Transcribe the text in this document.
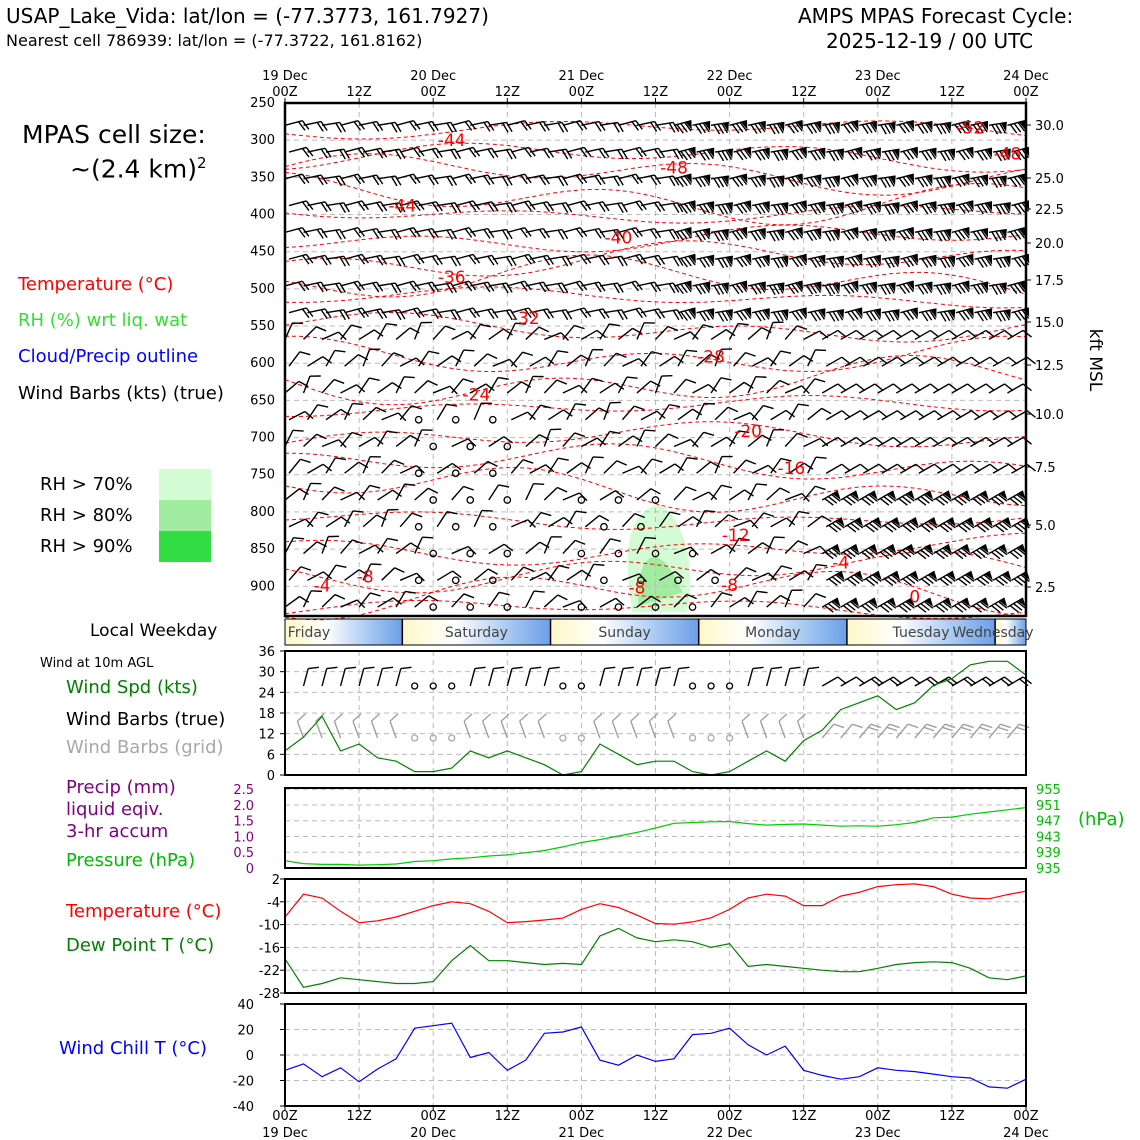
USAP_Lake_Vida: lat/lon = (-77.3773, 161.7927)
Nearest cell 786939: lat/lon = (-77.3722, 161.8162)
AMPS MPAS Forecast Cycle:
2025-12-19 / 00 UTC
MPAS cell size:
~(2.4 km)$^2$
Temperature (°C)
RH (%) wrt liq. wat
Cloud/Precip outline
Wind Barbs (kts) (true)
RH > 70%
RH > 80%
RH > 90%
Local Weekday
Wind at 10m AGL
Wind Spd (kts)
Wind Barbs (true)
Wind Barbs (grid)
Precip (mm)
liquid eqiv.
3-hr accum
Pressure (hPa)
(hPa)
Temperature (°C)
Dew Point T (°C)
Wind Chill T (°C)
250
300
350
400
450
500
550
600
650
700
750
800
850
900
30.0
25.0
22.5
20.0
17.5
15.0
12.5
10.0
7.5
5.0
2.5
kft MSL
-52
-48
-48
-44
-44
-40
-36
-32
-28
-24
-20
-16
-12
-8
-8	-8
-4
-4
0
Friday	Saturday	Sunday	Monday	Tuesday Wednesday
0
6
12
18
24
30
36
0	935
0.5	939
1.0	943
1.5	947
2.0	951
2.5	955
-28
-22
-16
-10
-4
2
-40
-20
0
20
40
19 Dec
00Z	12Z
20 Dec
00Z	12Z
21 Dec
00Z	12Z
22 Dec
00Z	12Z
23 Dec
00Z	12Z
24 Dec
00Z
00Z
19 Dec
12Z	00Z
20 Dec
12Z	00Z
21 Dec
12Z	00Z
22 Dec
12Z	00Z
23 Dec
12Z	00Z
24 Dec
